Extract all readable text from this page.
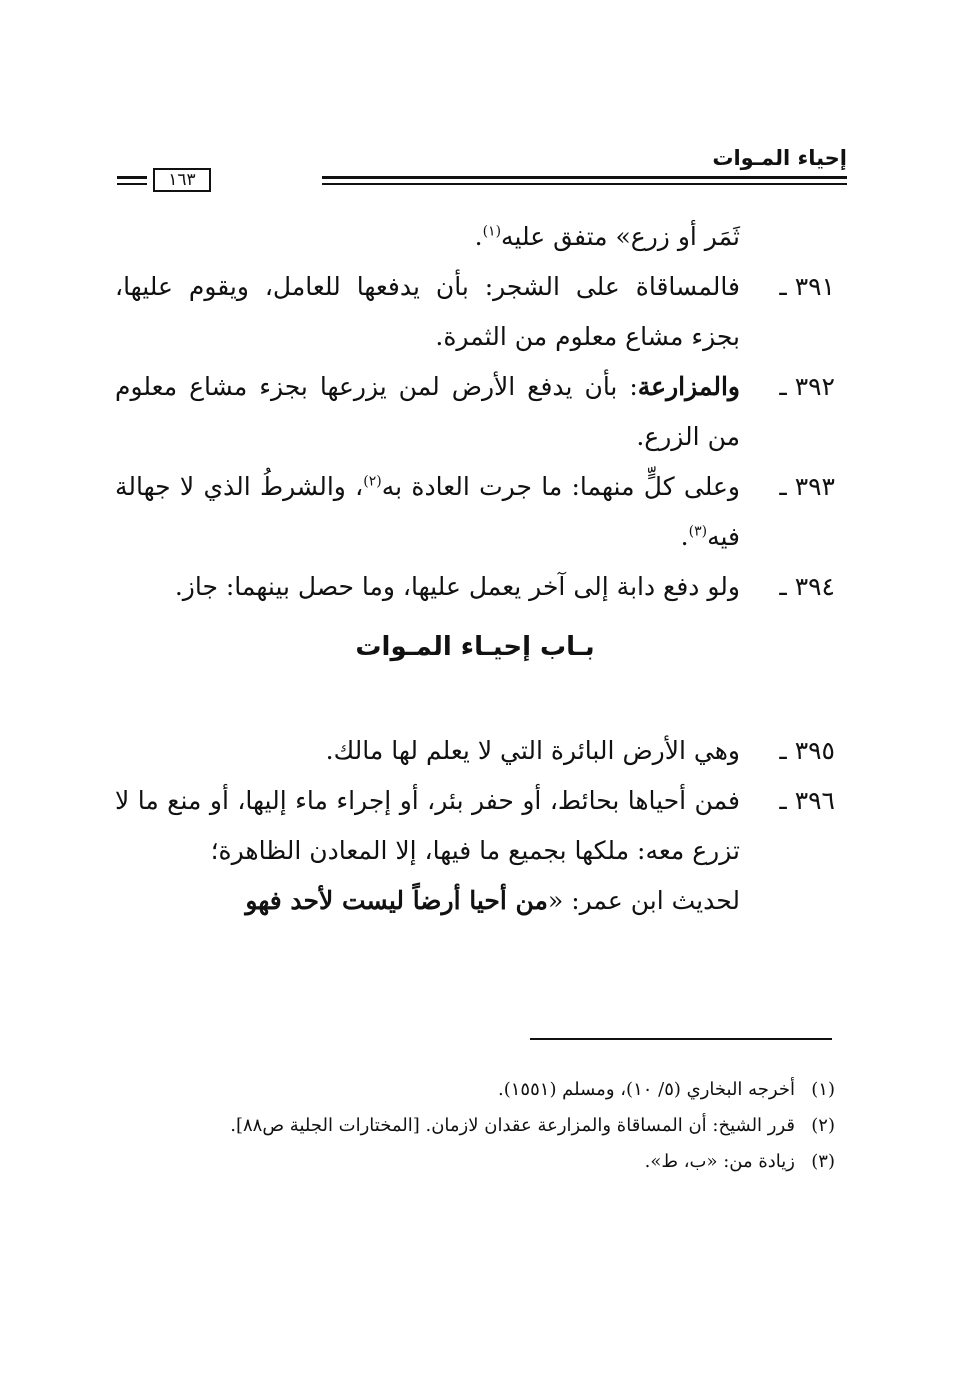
إحياء المـوات
١٦٣
ثَمَر أو زرع» متفق عليه$^{(١)}$.
٣٩١ ـ
فالمساقاة على الشجر: بأن يدفعها للعامل، ويقوم عليها، بجزء مشاع معلوم من الثمرة.
٣٩٢ ـ
والمزارعة: بأن يدفع الأرض لمن يزرعها بجزء مشاع معلوم من الزرع.
٣٩٣ ـ
وعلى كلٍّ منهما: ما جرت العادة به$^{(٢)}$، والشرطُ الذي لا جهالة فيه$^{(٣)}$.
٣٩٤ ـ
ولو دفع دابة إلى آخر يعمل عليها، وما حصل بينهما: جاز.
بـاب إحيـاء المـوات
٣٩٥ ـ
وهي الأرض البائرة التي لا يعلم لها مالك.
٣٩٦ ـ
فمن أحياها بحائط، أو حفر بئر، أو إجراء ماء إليها، أو منع ما لا تزرع معه: ملكها بجميع ما فيها، إلا المعادن الظاهرة؛
لحديث ابن عمر: «من أحيا أرضاً ليست لأحد فهو
(١)
أخرجه البخاري (٥/ ١٠)، ومسلم (١٥٥١).
(٢)
قرر الشيخ: أن المساقاة والمزارعة عقدان لازمان. [المختارات الجلية ص٨٨].
(٣)
زيادة من: «ب، ط».
